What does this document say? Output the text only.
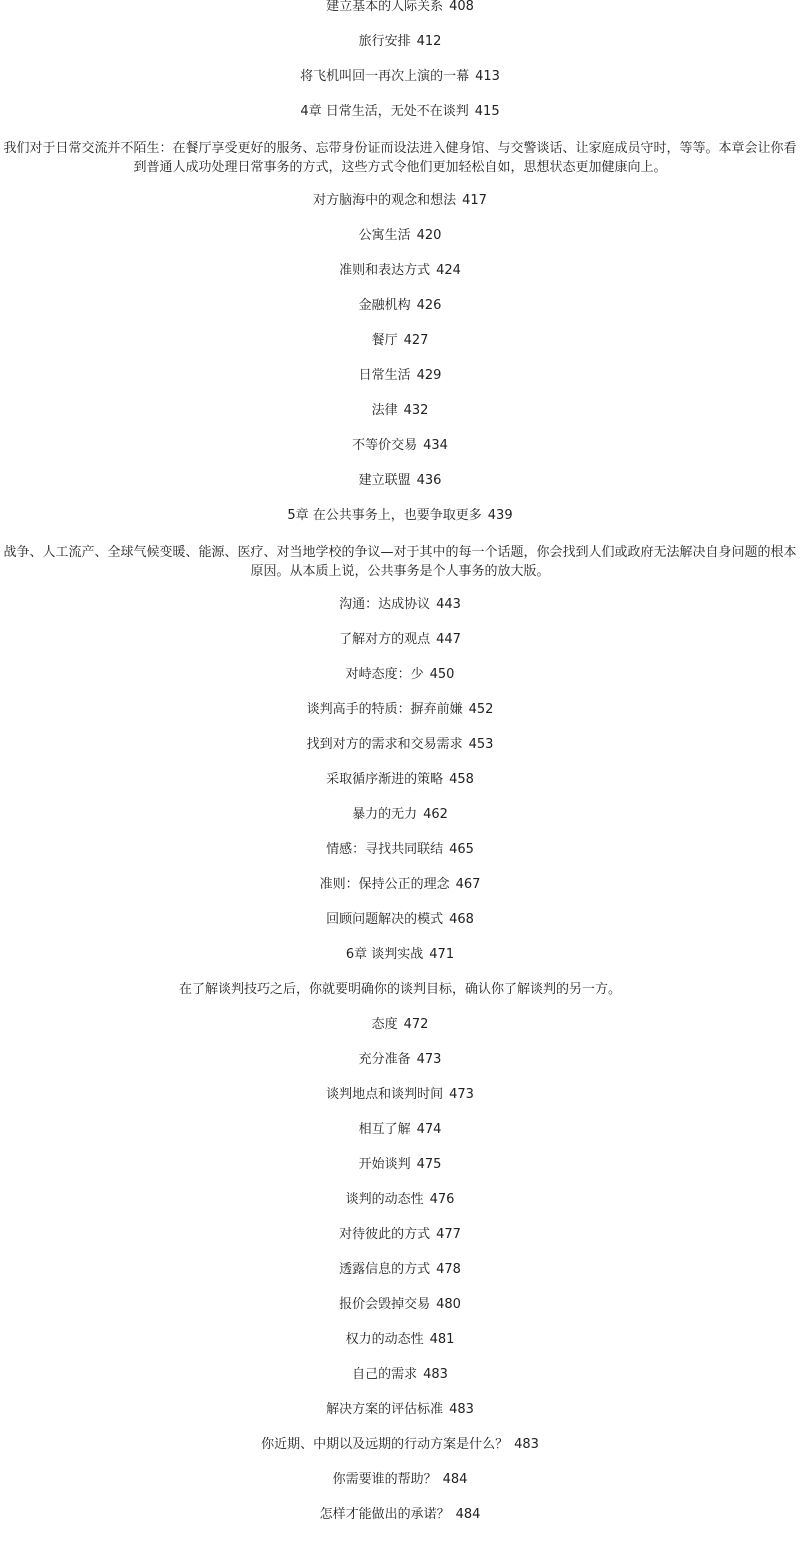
建立基本的人际关系 408
旅行安排 412
将飞机叫回一再次上演的一幕 413
4章 日常生活，无处不在谈判 415
我们对于日常交流并不陌生：在餐厅享受更好的服务、忘带身份证而设法进入健身馆、与交警谈话、让家庭成员守时，等等。本章会让你看到普通人成功处理日常事务的方式，这些方式令他们更加轻松自如，思想状态更加健康向上。
对方脑海中的观念和想法 417
公寓生活 420
准则和表达方式 424
金融机构 426
餐厅 427
日常生活 429
法律 432
不等价交易 434
建立联盟 436
5章 在公共事务上，也要争取更多 439
战争、人工流产、全球气候变暖、能源、医疗、对当地学校的争议—对于其中的每一个话题，你会找到人们或政府无法解决自身问题的根本原因。从本质上说，公共事务是个人事务的放大版。
沟通：达成协议 443
了解对方的观点 447
对峙态度：少 450
谈判高手的特质：摒弃前嫌 452
找到对方的需求和交易需求 453
采取循序渐进的策略 458
暴力的无力 462
情感：寻找共同联结 465
准则：保持公正的理念 467
回顾问题解决的模式 468
6章 谈判实战 471
在了解谈判技巧之后，你就要明确你的谈判目标，确认你了解谈判的另一方。
态度 472
充分准备 473
谈判地点和谈判时间 473
相互了解 474
开始谈判 475
谈判的动态性 476
对待彼此的方式 477
透露信息的方式 478
报价会毁掉交易 480
权力的动态性 481
自己的需求 483
解决方案的评估标准 483
你近期、中期以及远期的行动方案是什么？ 483
你需要谁的帮助？ 484
怎样才能做出的承诺？ 484
